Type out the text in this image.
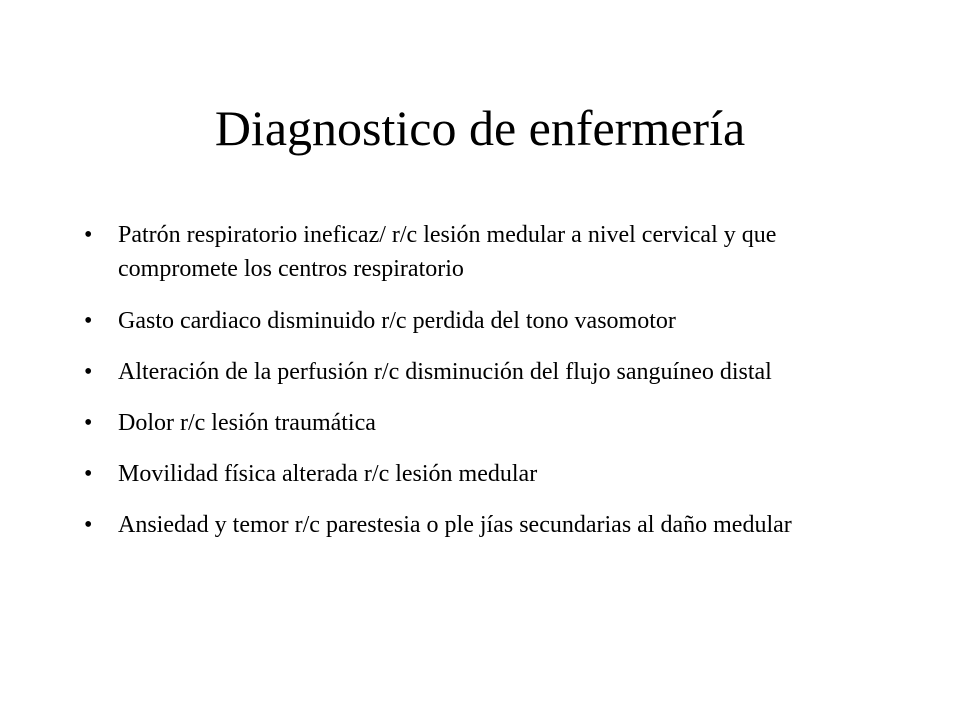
Diagnostico de enfermería
•	Patrón respiratorio ineficaz/ r/c lesión medular a nivel cervical y que compromete los centros respiratorio
•	Gasto cardiaco disminuido r/c perdida del tono vasomotor
•	Alteración de la perfusión r/c disminución del flujo sanguíneo distal
•	Dolor r/c lesión traumática
•	Movilidad física alterada r/c lesión medular
•	Ansiedad y temor r/c parestesia o ple jías secundarias al daño medular
